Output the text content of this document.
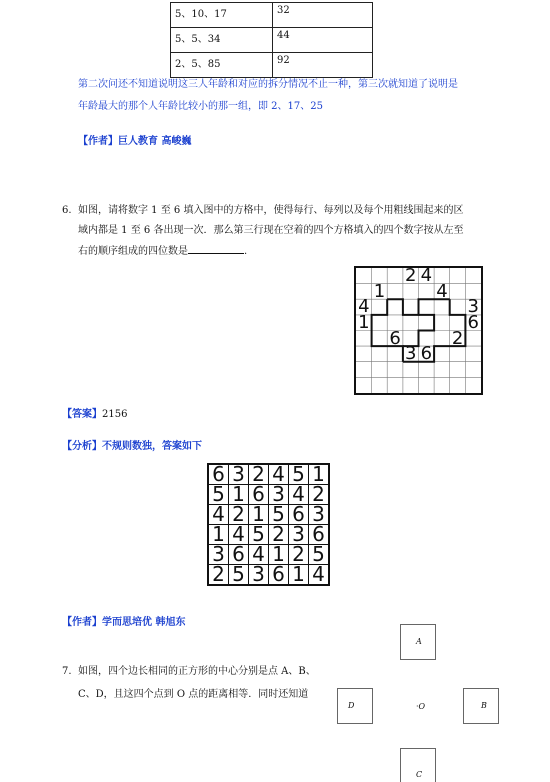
5、10、17	32
5、5、34	44
2、5、85	92
第二次问还不知道说明这三人年龄和对应的拆分情况不止一种，第三次就知道了说明是
年龄最大的那个人年龄比较小的那一组，即 2、17、25
【作者】巨人教育 高峻巍
6. 如图，请将数字 1 至 6 填入图中的方格中，使得每行、每列以及每个用粗线围起来的区
域内都是 1 至 6 各出现一次．那么第三行现在空着的四个方格填入的四个数字按从左至
右的顺序组成的四位数是	.
2 4
1	4
4	3
1	6
6	2
3 6
【答案】2156
【分析】不规则数独，答案如下
6	3	2	4	5	1
5	1	6	3	4	2
4	2	1	5	6	3
1	4	5	2	3	6
3	6	4	1	2	5
2	5	3	6	1	4
【作者】学而思培优 韩旭东
7. 如图，四个边长相同的正方形的中心分别是点 A、B、
C、D，且这四个点到 O 点的距离相等．同时还知道
A
D	B
C
·O
